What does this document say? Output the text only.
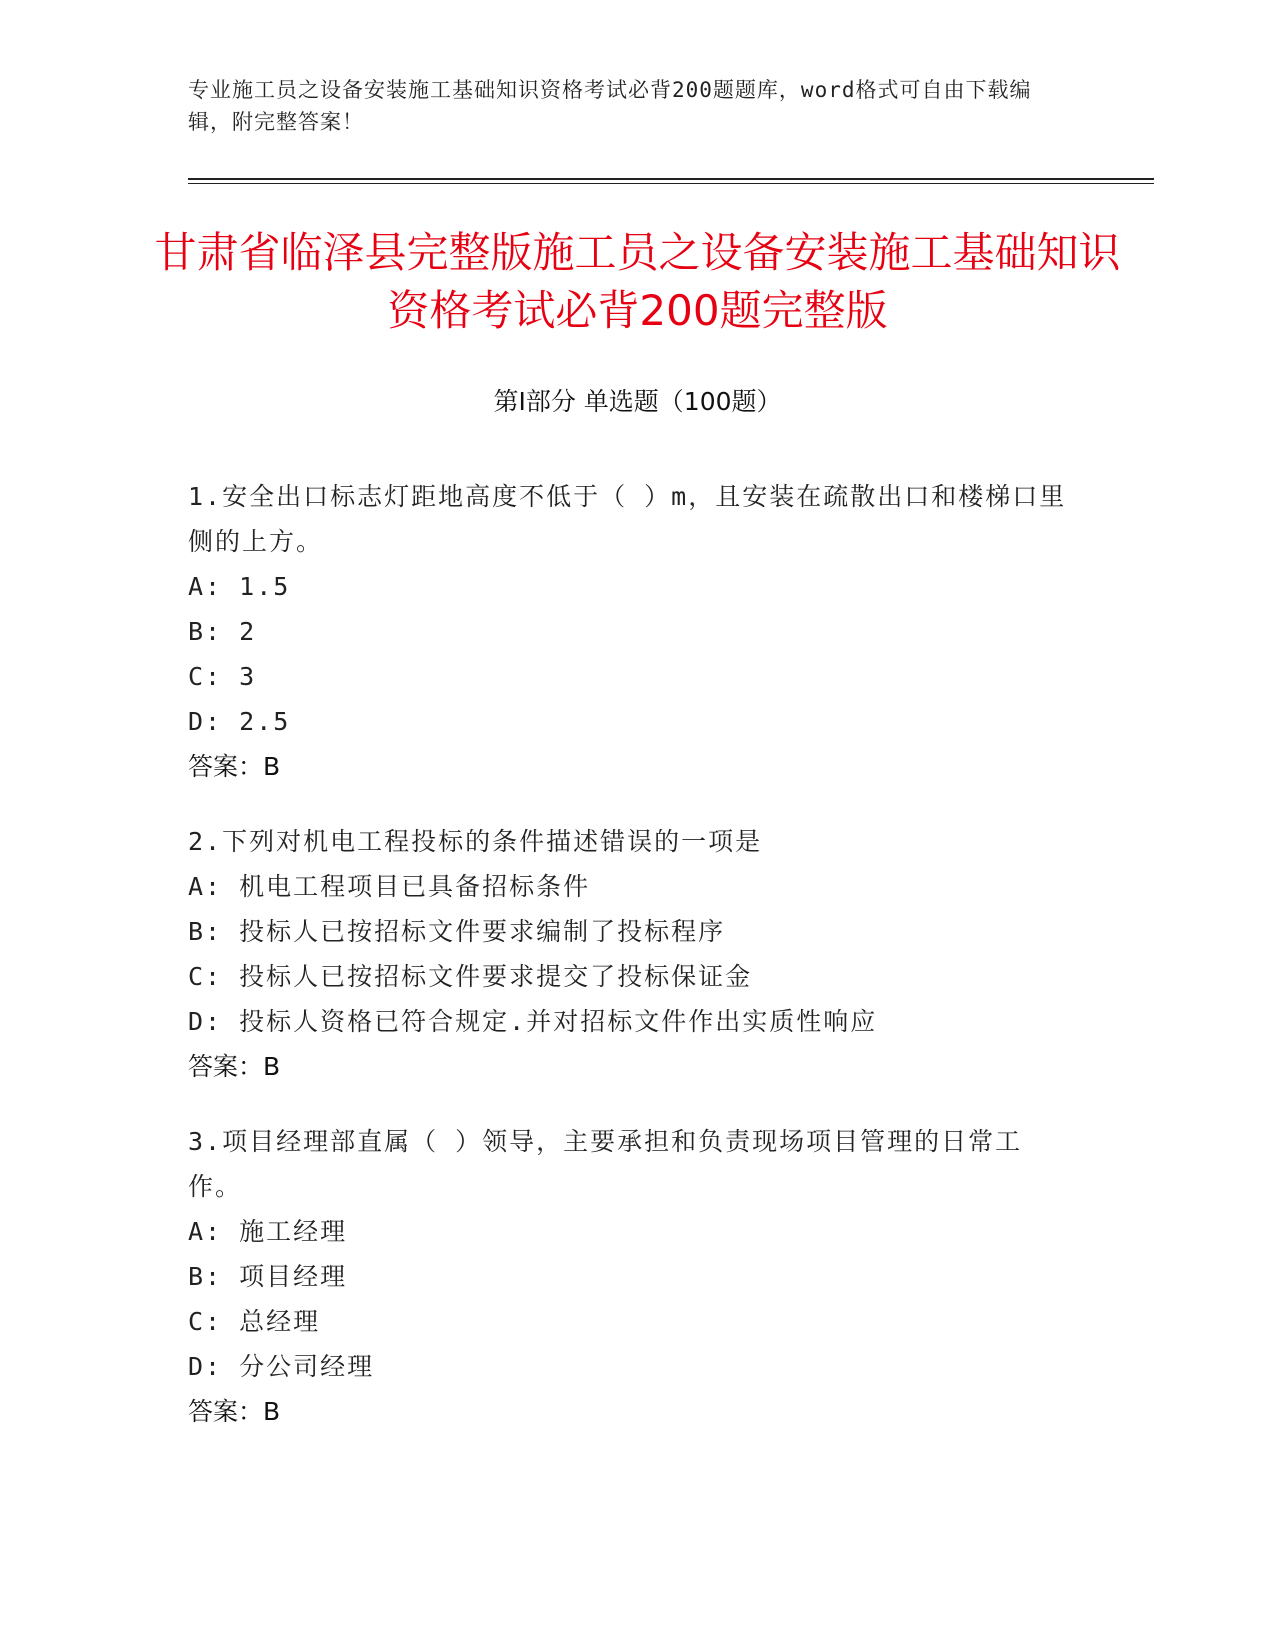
专业施工员之设备安装施工基础知识资格考试必背200题题库，word格式可自由下载编辑，附完整答案！
甘肃省临泽县完整版施工员之设备安装施工基础知识资格考试必背200题完整版
第Ⅰ部分 单选题（100题）

1.安全出口标志灯距地高度不低于（ ）m，且安装在疏散出口和楼梯口里侧的上方。

A: 1.5

B: 2

C: 3

D: 2.5

答案：B

2.下列对机电工程投标的条件描述错误的一项是

A: 机电工程项目已具备招标条件

B: 投标人已按招标文件要求编制了投标程序

C: 投标人已按招标文件要求提交了投标保证金

D: 投标人资格已符合规定.并对招标文件作出实质性响应

答案：B

3.项目经理部直属（ ）领导，主要承担和负责现场项目管理的日常工作。

A: 施工经理

B: 项目经理

C: 总经理

D: 分公司经理

答案：B
